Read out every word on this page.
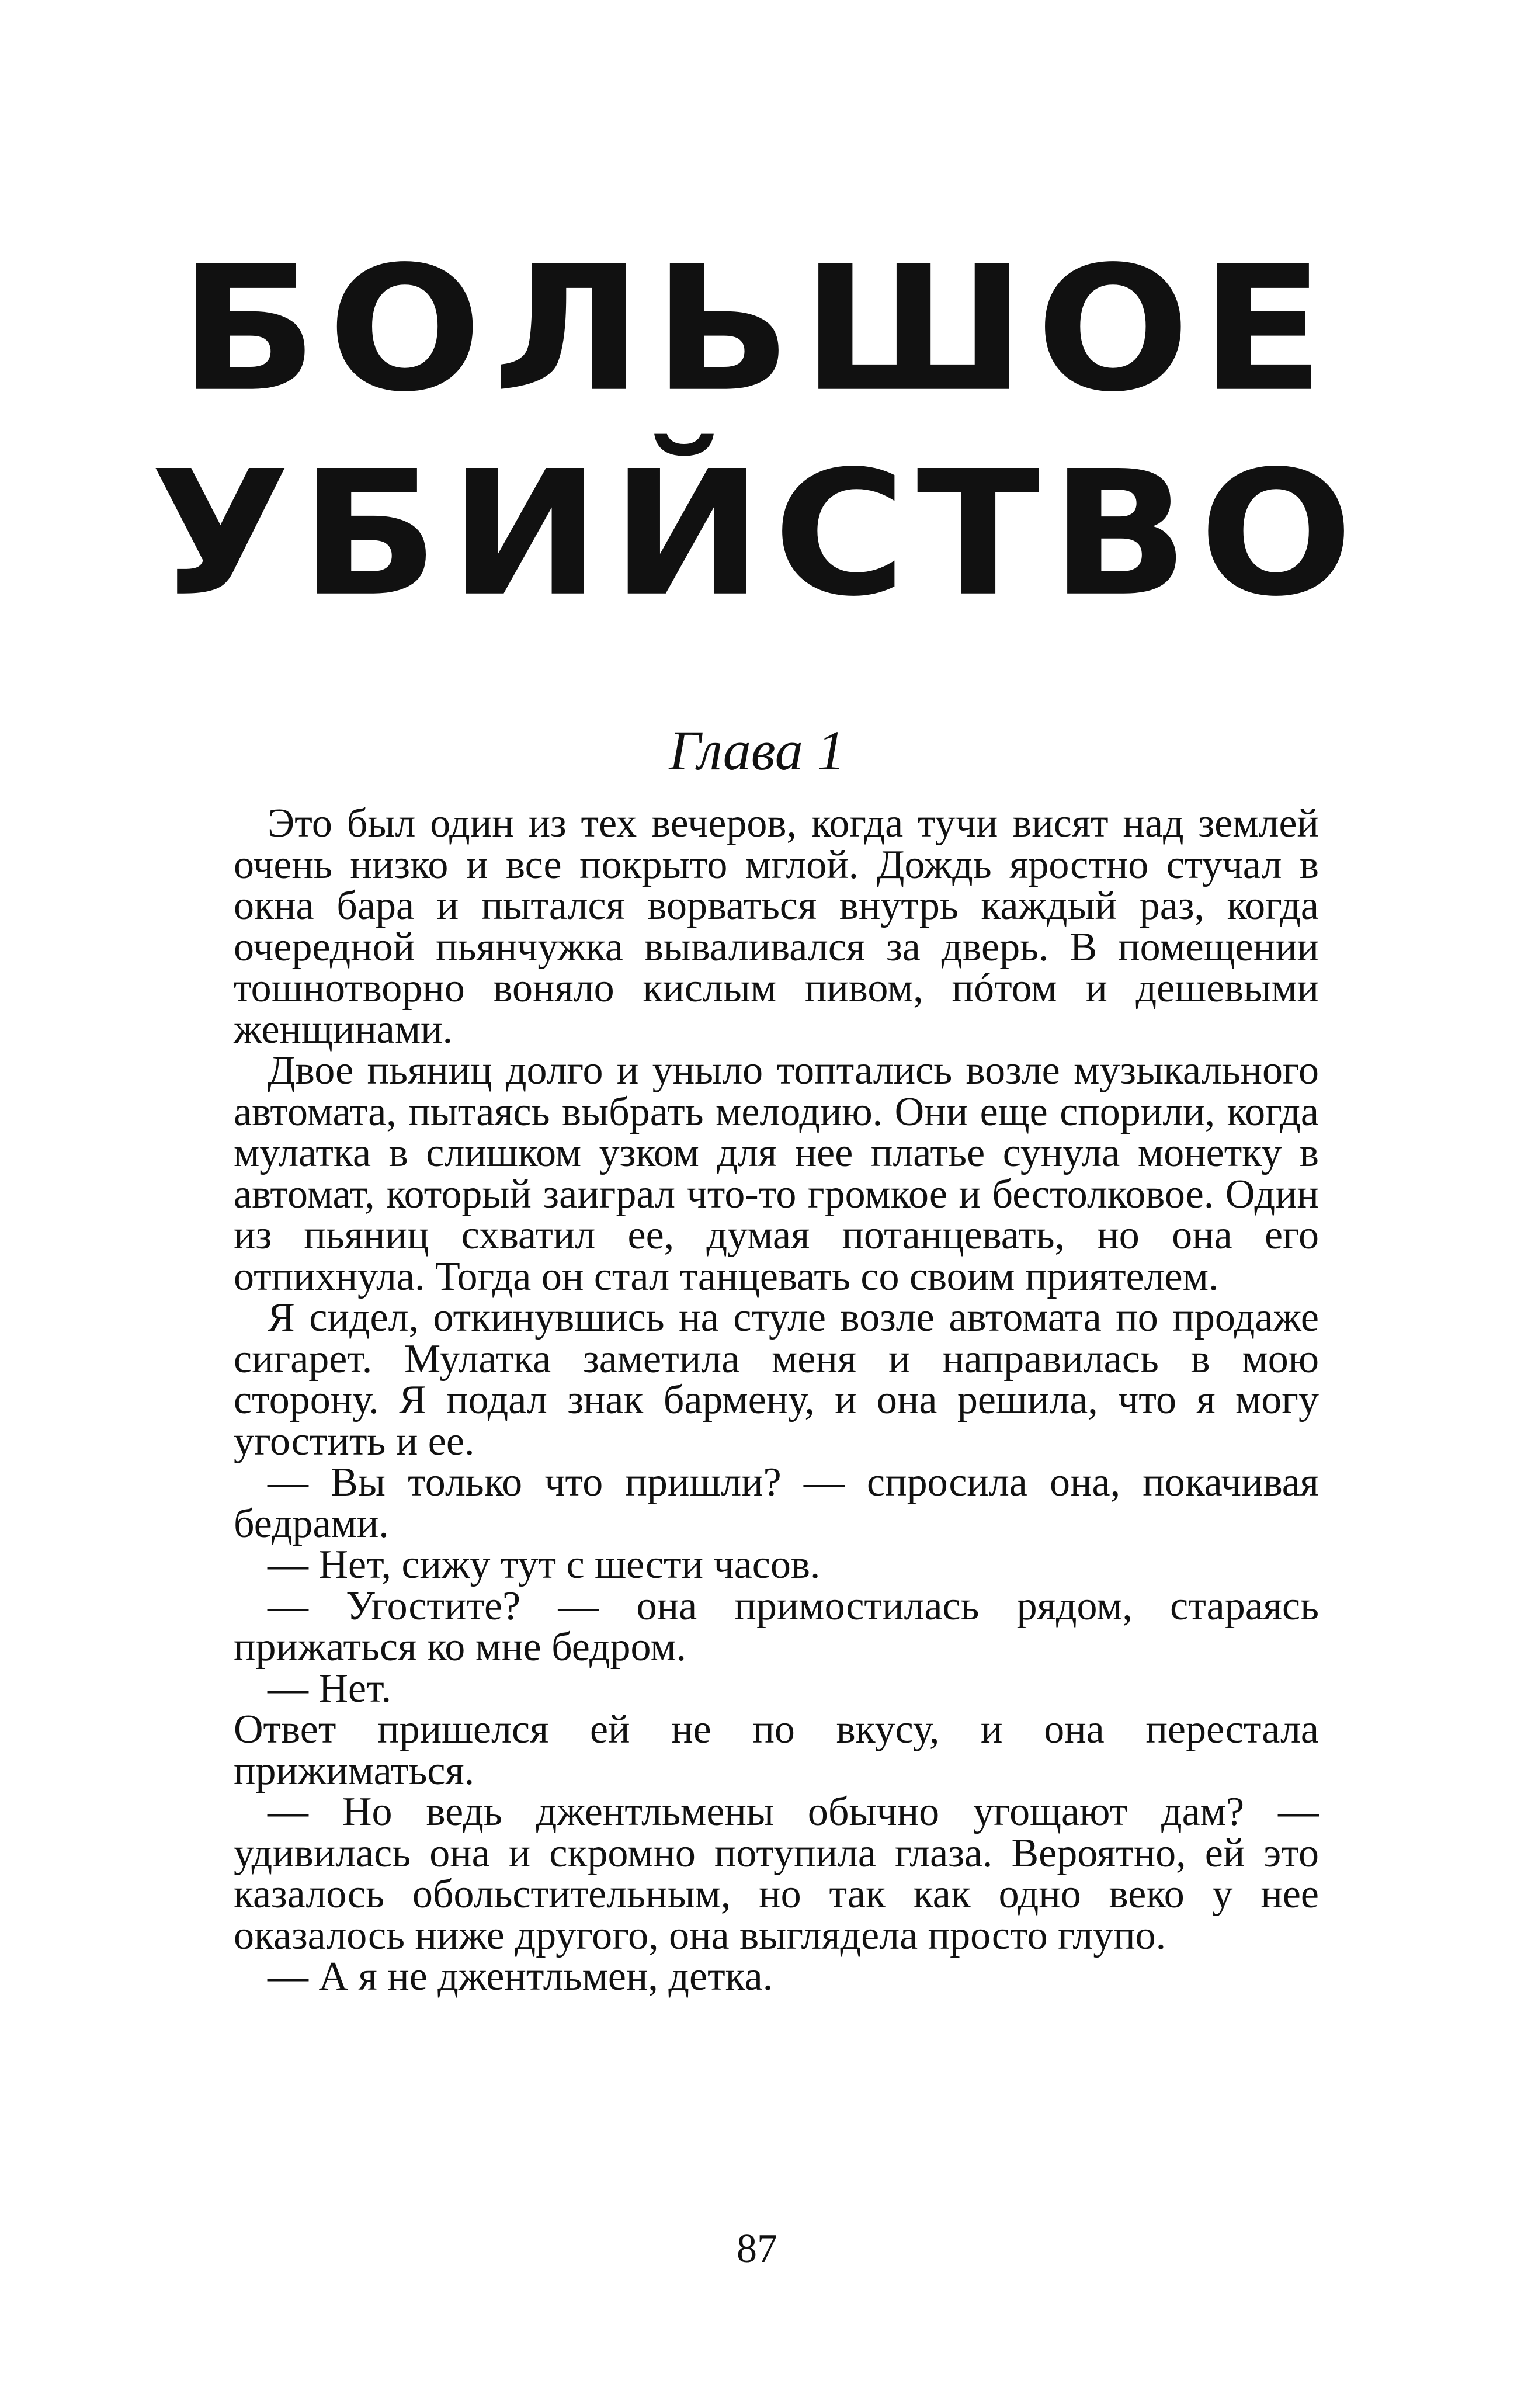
БОЛЬШОЕ
УБИЙСТВО
Глава 1

Это был один из тех вечеров, когда тучи висят над землей очень низко и все покрыто мглой. Дождь яростно стучал в окна бара и пытался ворваться внутрь каждый раз, когда очередной пьянчужка вываливался за дверь. В помещении тошнотворно воняло кислым пивом, пóтом и дешевыми женщинами.

Двое пьяниц долго и уныло топтались возле музыкального автомата, пытаясь выбрать мелодию. Они еще спорили, когда мулатка в слишком узком для нее платье сунула монетку в автомат, который заиграл что-то громкое и бестолковое. Один из пьяниц схватил ее, думая потанцевать, но она его отпихнула. Тогда он стал танцевать со своим приятелем.

Я сидел, откинувшись на стуле возле автомата по продаже сигарет. Мулатка заметила меня и направилась в мою сторону. Я подал знак бармену, и она решила, что я могу угостить и ее.

— Вы только что пришли? — спросила она, покачивая бедрами.

— Нет, сижу тут с шести часов.

— Угостите? — она примостилась рядом, стараясь прижаться ко мне бедром.

— Нет.

Ответ пришелся ей не по вкусу, и она перестала прижиматься.

— Но ведь джентльмены обычно угощают дам? — удивилась она и скромно потупила глаза. Вероятно, ей это казалось обольстительным, но так как одно веко у нее оказалось ниже другого, она выглядела просто глупо.

— А я не джентльмен, детка.

87
